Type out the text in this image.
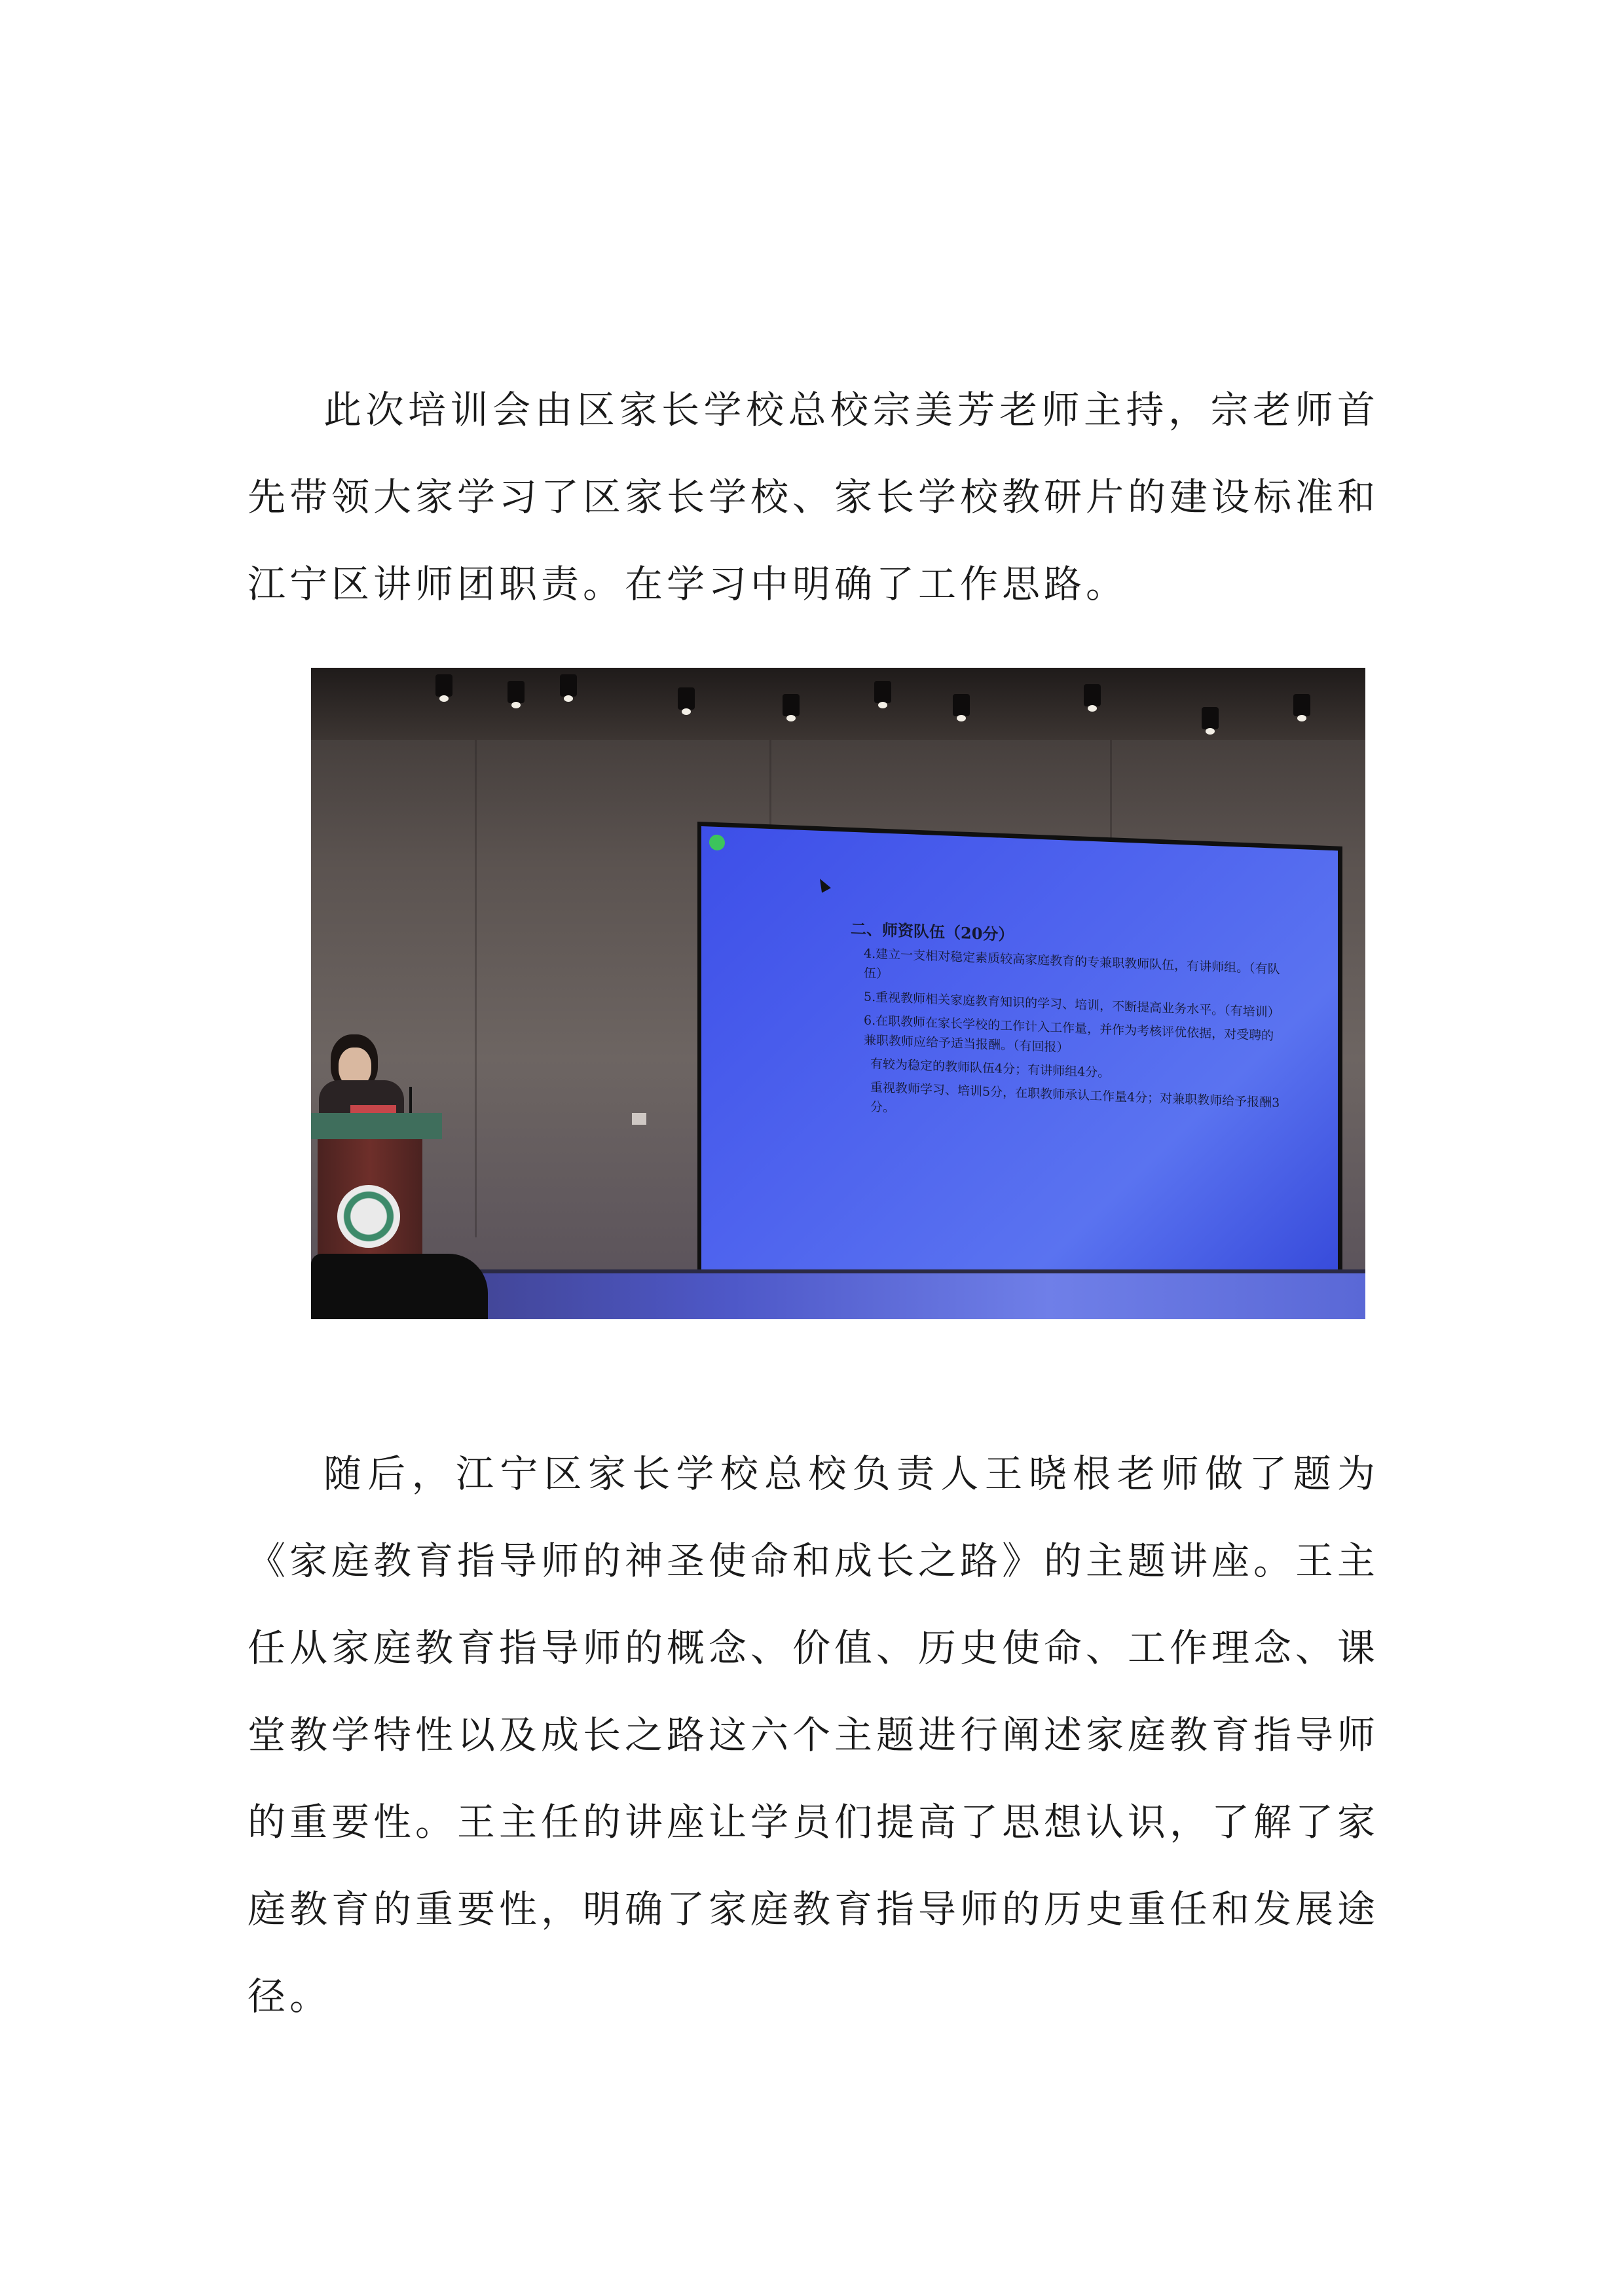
此次培训会由区家长学校总校宗美芳老师主持，宗老师首先带领大家学习了区家长学校、家长学校教研片的建设标准和江宁区讲师团职责。在学习中明确了工作思路。

二、师资队伍（20分）

4.建立一支相对稳定素质较高家庭教育的专兼职教师队伍，有讲师组。（有队伍）

5.重视教师相关家庭教育知识的学习、培训，不断提高业务水平。（有培训）

6.在职教师在家长学校的工作计入工作量，并作为考核评优依据，对受聘的兼职教师应给予适当报酬。（有回报）

有较为稳定的教师队伍4分；有讲师组4分。

重视教师学习、培训5分，在职教师承认工作量4分；对兼职教师给予报酬3分。

随后，江宁区家长学校总校负责人王晓根老师做了题为《家庭教育指导师的神圣使命和成长之路》的主题讲座。王主任从家庭教育指导师的概念、价值、历史使命、工作理念、课堂教学特性以及成长之路这六个主题进行阐述家庭教育指导师的重要性。王主任的讲座让学员们提高了思想认识，了解了家庭教育的重要性，明确了家庭教育指导师的历史重任和发展途径。
